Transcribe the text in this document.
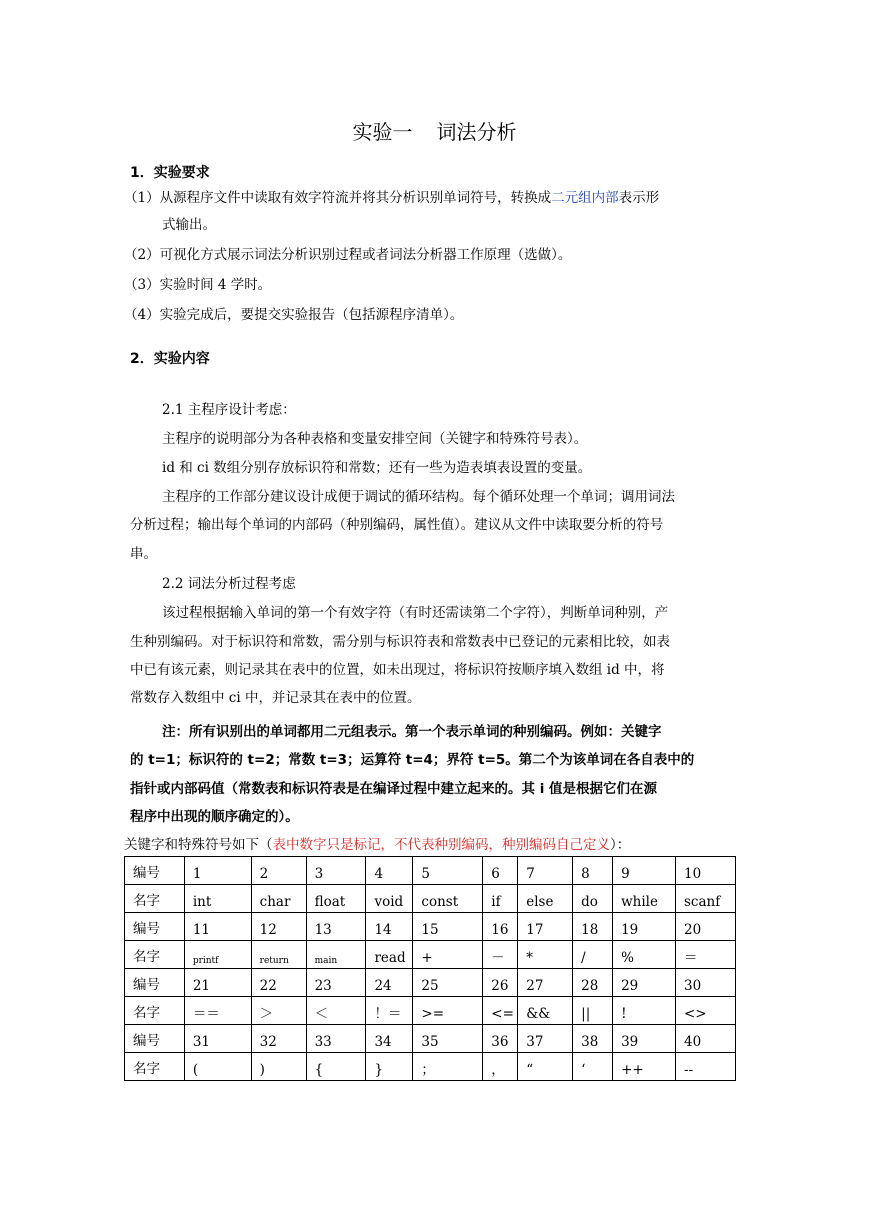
实验一 词法分析
1．实验要求
（1）从源程序文件中读取有效字符流并将其分析识别单词符号，转换成二元组内部表示形
式输出。
（2）可视化方式展示词法分析识别过程或者词法分析器工作原理（选做）。
（3）实验时间 4 学时。
（4）实验完成后，要提交实验报告（包括源程序清单）。
2．实验内容
2.1 主程序设计考虑：
主程序的说明部分为各种表格和变量安排空间（关键字和特殊符号表）。
id 和 ci 数组分别存放标识符和常数；还有一些为造表填表设置的变量。
主程序的工作部分建议设计成便于调试的循环结构。每个循环处理一个单词；调用词法
分析过程；输出每个单词的内部码（种别编码，属性值）。建议从文件中读取要分析的符号
串。
2.2 词法分析过程考虑
该过程根据输入单词的第一个有效字符（有时还需读第二个字符），判断单词种别，产
生种别编码。对于标识符和常数，需分别与标识符表和常数表中已登记的元素相比较，如表
中已有该元素，则记录其在表中的位置，如未出现过，将标识符按顺序填入数组 id 中，将
常数存入数组中 ci 中，并记录其在表中的位置。
注：所有识别出的单词都用二元组表示。第一个表示单词的种别编码。例如：关键字
的 t=1；标识符的 t=2；常数 t=3；运算符 t=4；界符 t=5。第二个为该单词在各自表中的
指针或内部码值（常数表和标识符表是在编译过程中建立起来的。其 i 值是根据它们在源
程序中出现的顺序确定的）。
关键字和特殊符号如下（表中数字只是标记，不代表种别编码，种别编码自己定义）：
编号	1	2	3	4	5	6	7	8	9	10
名字	int	char	float	void	const	if	else	do	while	scanf
编号	11	12	13	14	15	16	17	18	19	20
名字	printf	return	main	read	+	－	*	/	%	＝
编号	21	22	23	24	25	26	27	28	29	30
名字	＝＝	＞	＜	！＝	>=	<=	&&	||	!	<>
编号	31	32	33	34	35	36	37	38	39	40
名字	(	)	{	}	；	，	“	‘	++	--
